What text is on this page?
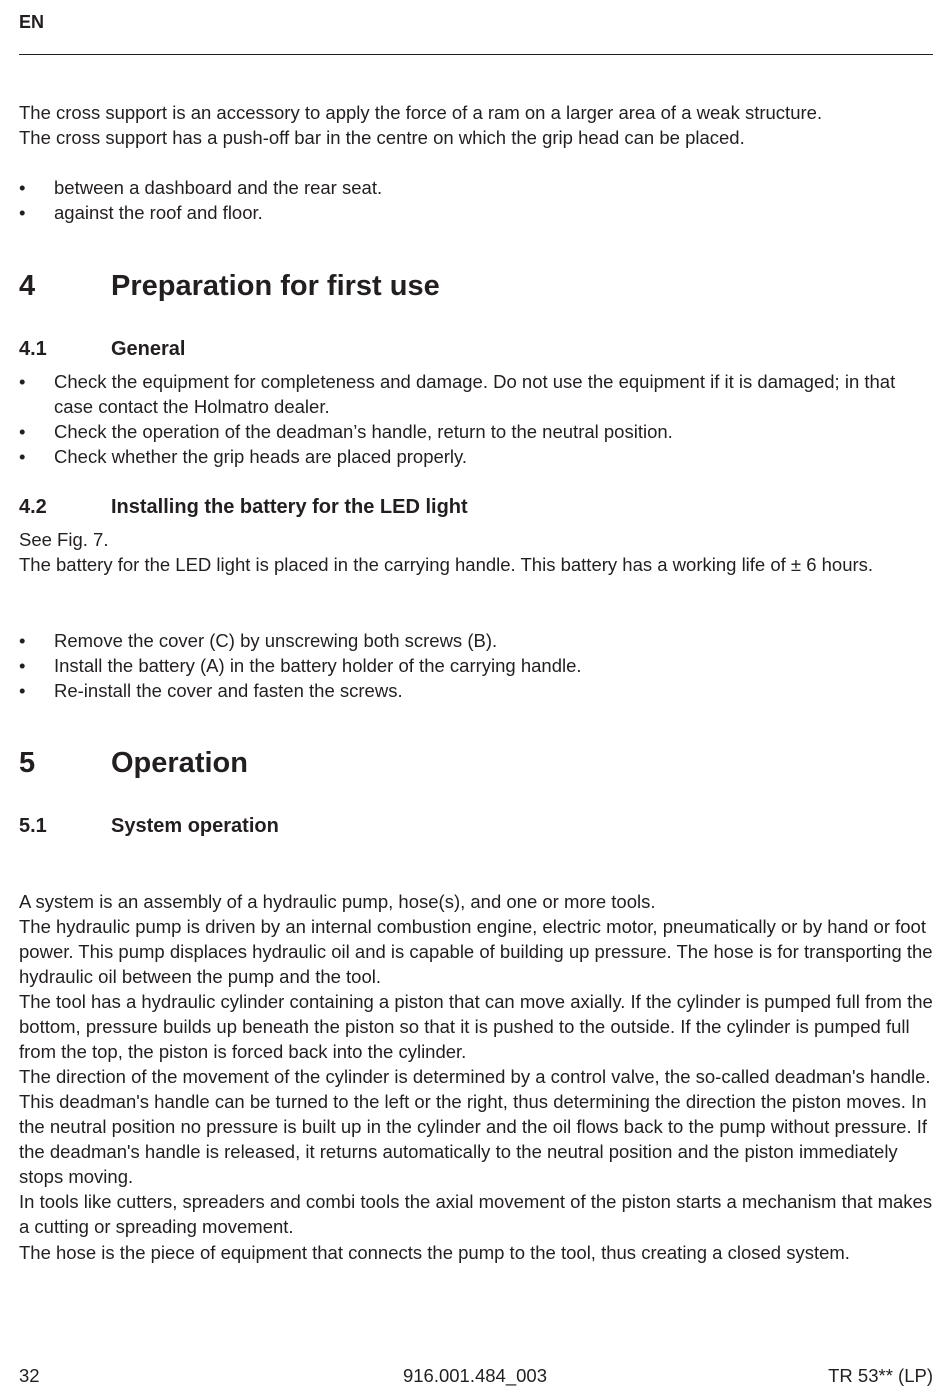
EN
The cross support is an accessory to apply the force of a ram on a larger area of a weak structure.
The cross support has a push-off bar in the centre on which the grip head can be placed.
• between a dashboard and the rear seat.
• against the roof and floor.
4	Preparation for first use
4.1	General
• Check the equipment for completeness and damage. Do not use the equipment if it is damaged; in that case contact the Holmatro dealer.
• Check the operation of the deadman’s handle, return to the neutral position.
• Check whether the grip heads are placed properly.
4.2	Installing the battery for the LED light
See Fig. 7.
The battery for the LED light is placed in the carrying handle. This battery has a working life of ± 6 hours.
• Remove the cover (C) by unscrewing both screws (B).
• Install the battery (A) in the battery holder of the carrying handle.
• Re-install the cover and fasten the screws.
5	Operation
5.1	System operation
A system is an assembly of a hydraulic pump, hose(s), and one or more tools.
The hydraulic pump is driven by an internal combustion engine, electric motor, pneumatically or by hand or foot power. This pump displaces hydraulic oil and is capable of building up pressure. The hose is for transporting the hydraulic oil between the pump and the tool.
The tool has a hydraulic cylinder containing a piston that can move axially. If the cylinder is pumped full from the bottom, pressure builds up beneath the piston so that it is pushed to the outside. If the cylinder is pumped full from the top, the piston is forced back into the cylinder.
The direction of the movement of the cylinder is determined by a control valve, the so-called deadman's handle. This deadman's handle can be turned to the left or the right, thus determining the direction the piston moves. In the neutral position no pressure is built up in the cylinder and the oil flows back to the pump without pressure. If the deadman's handle is released, it returns automatically to the neutral position and the piston immediately stops moving.
In tools like cutters, spreaders and combi tools the axial movement of the piston starts a mechanism that makes a cutting or spreading movement.
The hose is the piece of equipment that connects the pump to the tool, thus creating a closed system.
32	916.001.484_003	TR 53** (LP)
